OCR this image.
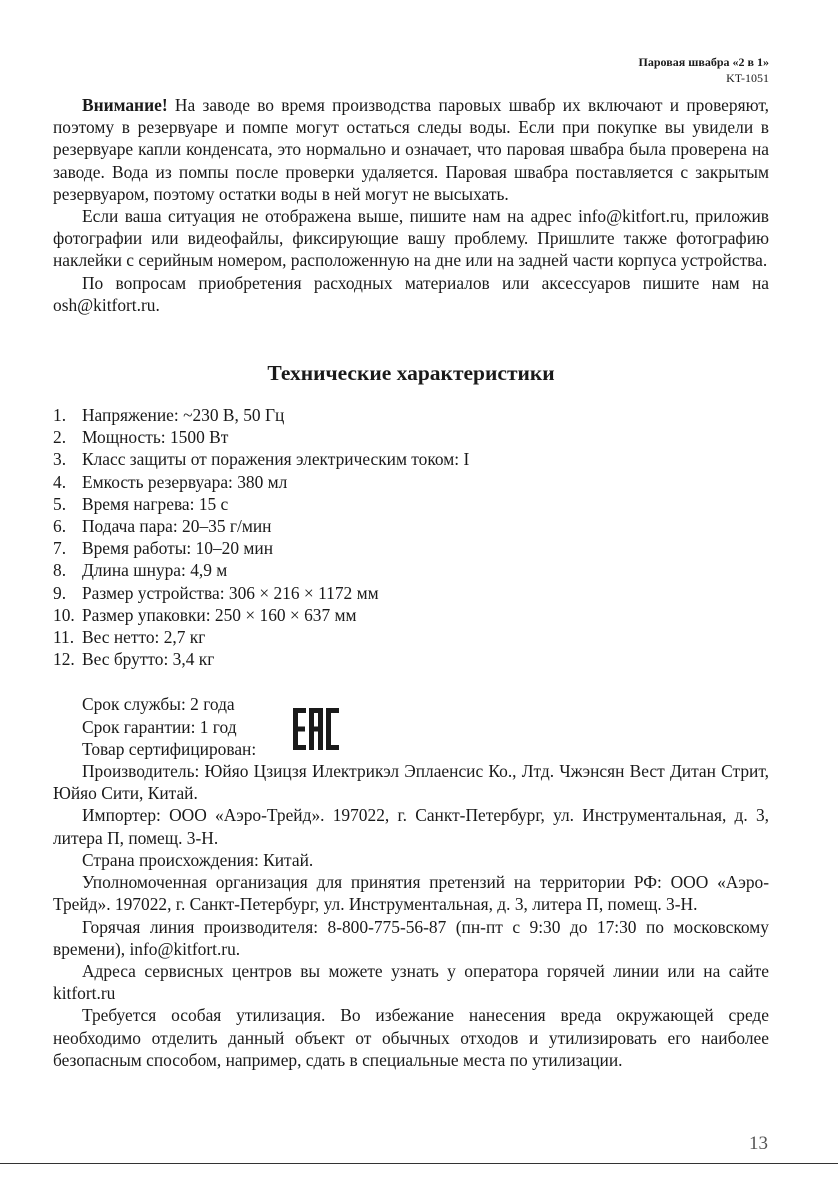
Паровая швабра «2 в 1»
KT-1051

Внимание! На заводе во время производства паровых швабр их включают и проверяют, поэтому в резервуаре и помпе могут остаться следы воды. Если при покупке вы увидели в резервуаре капли конденсата, это нормально и означает, что паровая швабра была проверена на заводе. Вода из помпы после проверки удаляется. Паровая швабра поставляется с закрытым резервуаром, поэтому остатки воды в ней могут не высыхать.

Если ваша ситуация не отображена выше, пишите нам на адрес info@kitfort.ru, приложив фотографии или видеофайлы, фиксирующие вашу проблему. Пришлите также фотографию наклейки с серийным номером, расположенную на дне или на задней части корпуса устройства.

По вопросам приобретения расходных материалов или аксессуаров пишите нам на osh@kitfort.ru.

Технические характеристики
1. Напряжение: ~230 В, 50 Гц
2. Мощность: 1500 Вт
3. Класс защиты от поражения электрическим током: I
4. Емкость резервуара: 380 мл
5. Время нагрева: 15 с
6. Подача пара: 20–35 г/мин
7. Время работы: 10–20 мин
8. Длина шнура: 4,9 м
9. Размер устройства: 306 × 216 × 1172 мм
10. Размер упаковки: 250 × 160 × 637 мм
11. Вес нетто: 2,7 кг
12. Вес брутто: 3,4 кг

Срок службы: 2 года

Срок гарантии: 1 год

Товар сертифицирован:

Производитель: Юйяо Цзицзя Илектрикэл Эплаенсис Ко., Лтд. Чжэнсян Вест Дитан Стрит, Юйяо Сити, Китай.

Импортер: ООО «Аэро-Трейд». 197022, г. Санкт-Петербург, ул. Инструментальная, д. 3, литера П, помещ. 3-Н.

Страна происхождения: Китай.

Уполномоченная организация для принятия претензий на территории РФ: ООО «Аэро-Трейд». 197022, г. Санкт-Петербург, ул. Инструментальная, д. 3, литера П, помещ. 3-Н.

Горячая линия производителя: 8-800-775-56-87 (пн-пт с 9:30 до 17:30 по московскому времени), info@kitfort.ru.

Адреса сервисных центров вы можете узнать у оператора горячей линии или на сайте kitfort.ru

Требуется особая утилизация. Во избежание нанесения вреда окружающей среде необходимо отделить данный объект от обычных отходов и утилизировать его наиболее безопасным способом, например, сдать в специальные места по утилизации.

13
